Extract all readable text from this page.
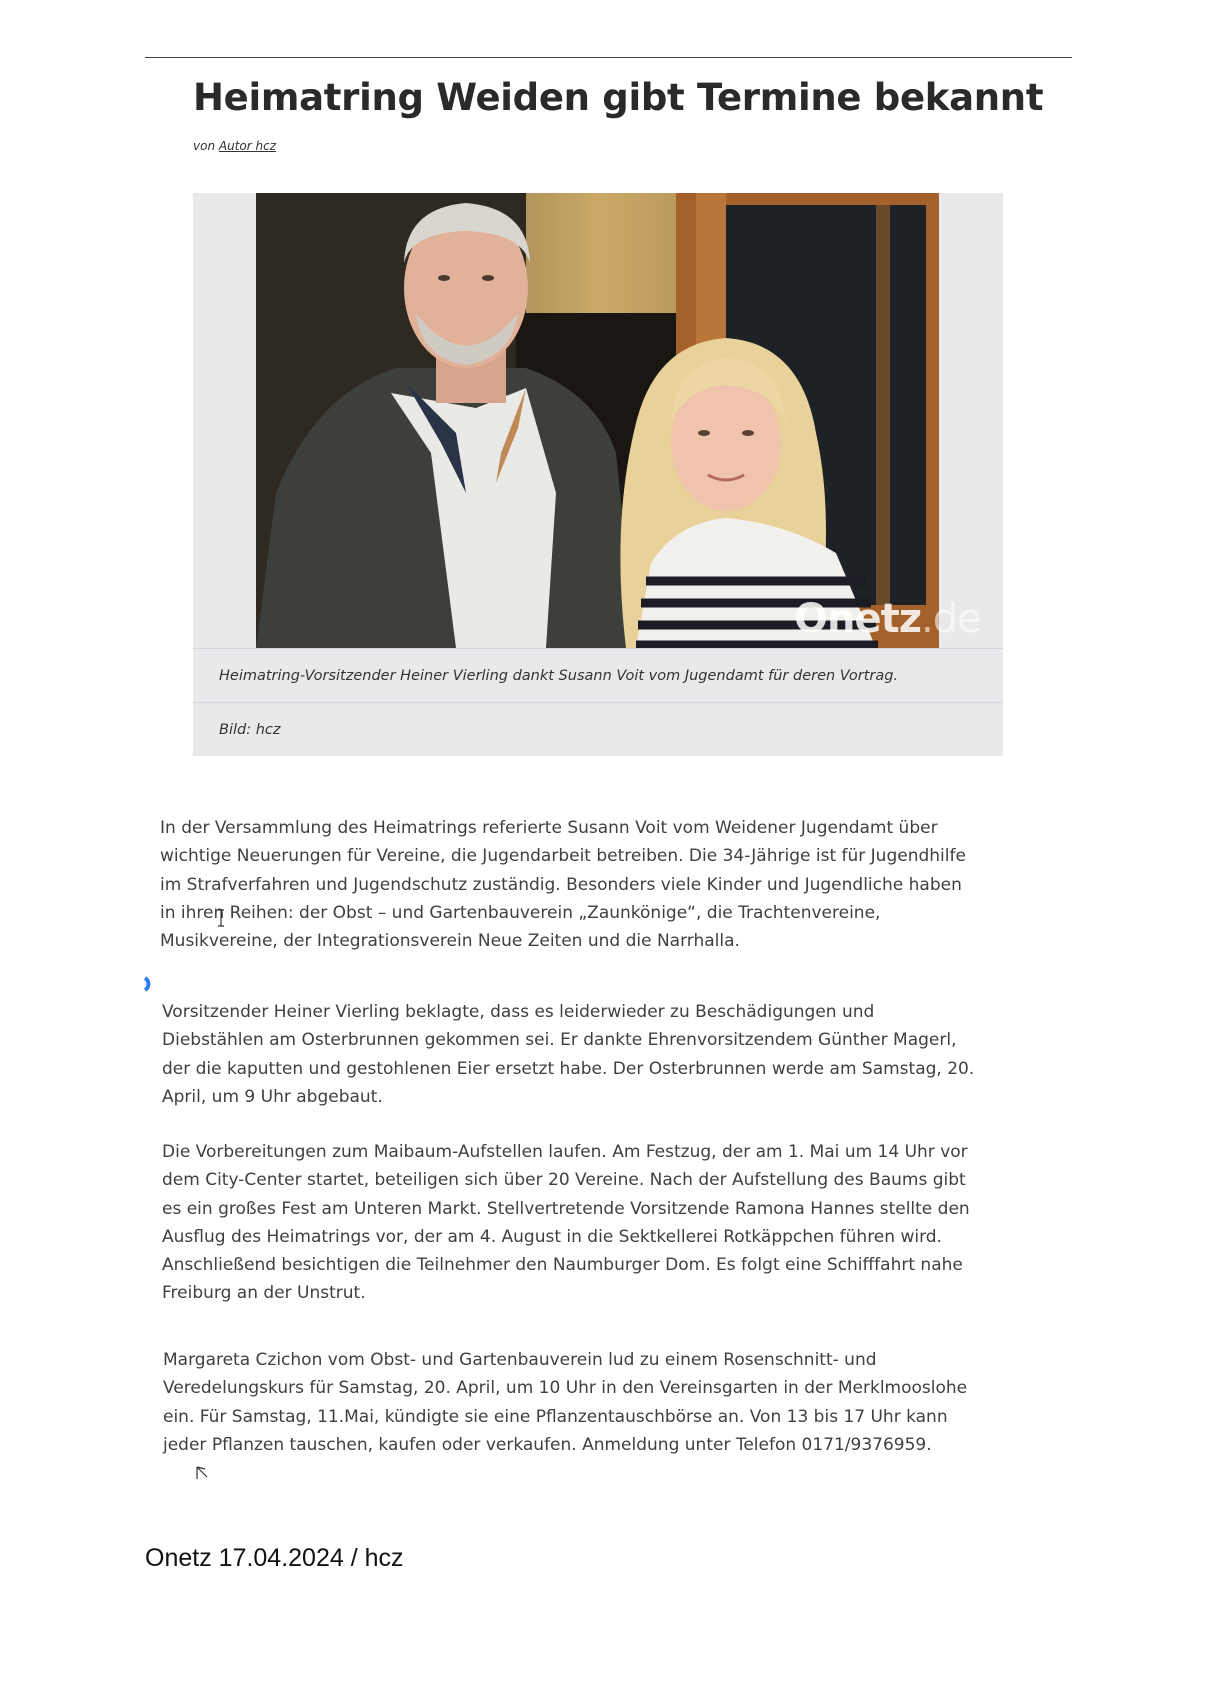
Heimatring Weiden gibt Termine bekannt
von Autor hcz
Onetz.de
Heimatring-Vorsitzender Heiner Vierling dankt Susann Voit vom Jugendamt für deren Vortrag.
Bild: hcz

In der Versammlung des Heimatrings referierte Susann Voit vom Weidener Jugendamt über
wichtige Neuerungen für Vereine, die Jugendarbeit betreiben. Die 34-Jährige ist für Jugendhilfe
im Strafverfahren und Jugendschutz zuständig. Besonders viele Kinder und Jugendliche haben
in ihren Reihen: der Obst – und Gartenbauverein „Zaunkönige“, die Trachtenvereine,
Musikvereine, der Integrationsverein Neue Zeiten und die Narrhalla.

Vorsitzender Heiner Vierling beklagte, dass es leiderwieder zu Beschädigungen und
Diebstählen am Osterbrunnen gekommen sei. Er dankte Ehrenvorsitzendem Günther Magerl,
der die kaputten und gestohlenen Eier ersetzt habe. Der Osterbrunnen werde am Samstag, 20.
April, um 9 Uhr abgebaut.

Die Vorbereitungen zum Maibaum-Aufstellen laufen. Am Festzug, der am 1. Mai um 14 Uhr vor
dem City-Center startet, beteiligen sich über 20 Vereine. Nach der Aufstellung des Baums gibt
es ein großes Fest am Unteren Markt. Stellvertretende Vorsitzende Ramona Hannes stellte den
Ausflug des Heimatrings vor, der am 4. August in die Sektkellerei Rotkäppchen führen wird.
Anschließend besichtigen die Teilnehmer den Naumburger Dom. Es folgt eine Schifffahrt nahe
Freiburg an der Unstrut.

Margareta Czichon vom Obst- und Gartenbauverein lud zu einem Rosenschnitt- und
Veredelungskurs für Samstag, 20. April, um 10 Uhr in den Vereinsgarten in der Merklmooslohe
ein. Für Samstag, 11.Mai, kündigte sie eine Pflanzentauschbörse an. Von 13 bis 17 Uhr kann
jeder Pflanzen tauschen, kaufen oder verkaufen. Anmeldung unter Telefon 0171/9376959.

Onetz 17.04.2024 / hcz
